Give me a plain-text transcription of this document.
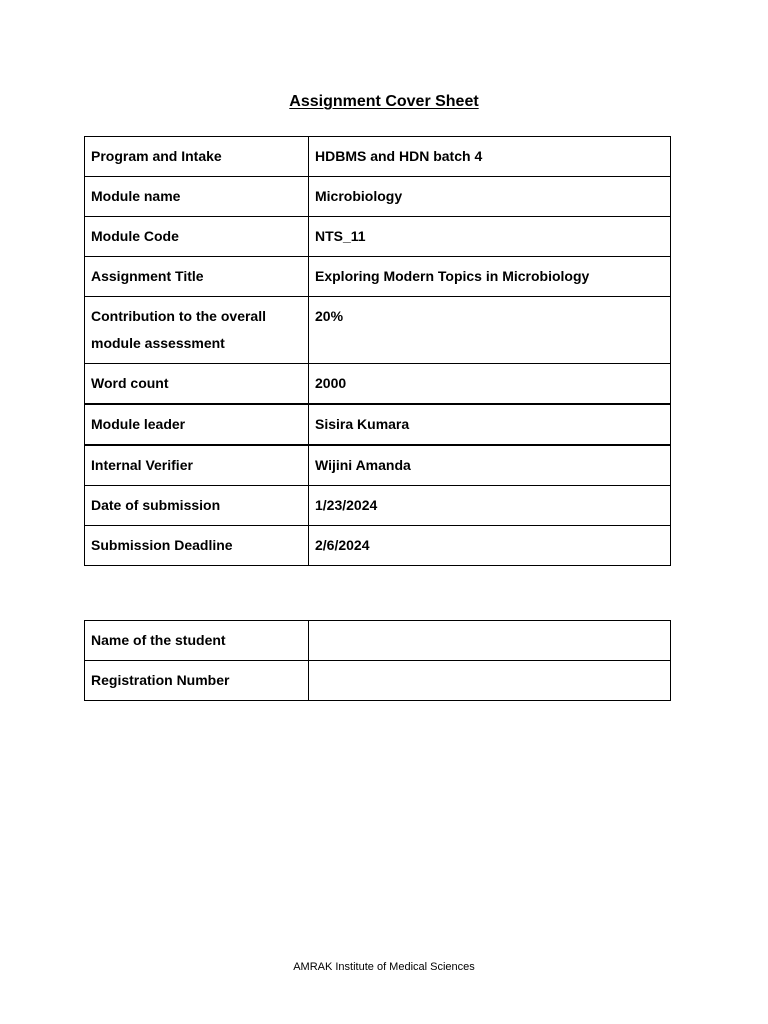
Assignment Cover Sheet
Program and Intake	HDBMS and HDN batch 4
Module name	Microbiology
Module Code	NTS_11
Assignment Title	Exploring Modern Topics in Microbiology
Contribution to the overall module assessment	20%
Word count	2000
Module leader	Sisira Kumara
Internal Verifier	Wijini Amanda
Date of submission	1/23/2024
Submission Deadline	2/6/2024
Name of the student	
Registration Number	
AMRAK Institute of Medical Sciences
